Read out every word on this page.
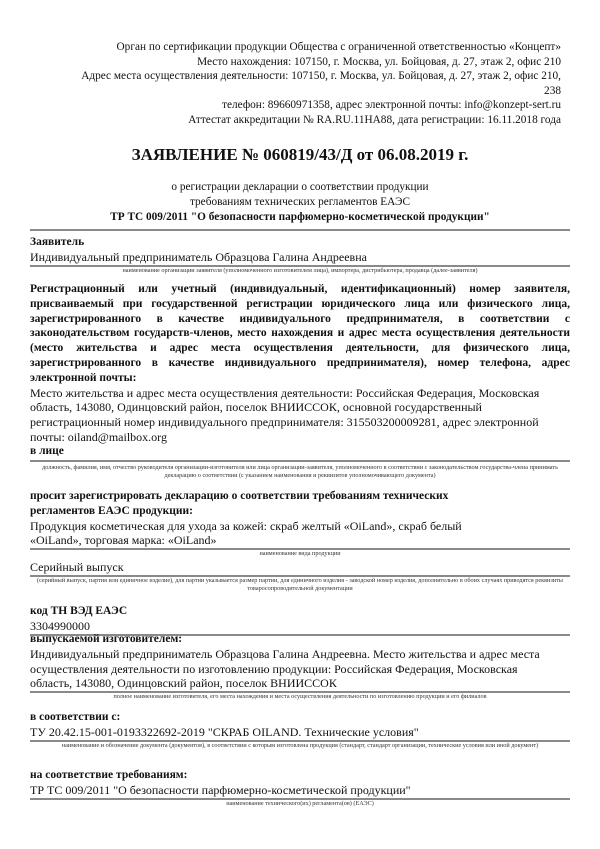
Орган по сертификации продукции Общества с ограниченной ответственностью «Концепт»
Место нахождения: 107150, г. Москва, ул. Бойцовая, д. 27, этаж 2, офис 210
Адрес места осуществления деятельности: 107150, г. Москва, ул. Бойцовая, д. 27, этаж 2, офис 210,
238
телефон: 89660971358, адрес электронной почты: info@konzept-sert.ru
Аттестат аккредитации № RA.RU.11HA88, дата регистрации: 16.11.2018 года
ЗАЯВЛЕНИЕ № 060819/43/Д от 06.08.2019 г.
о регистрации декларации о соответствии продукции
требованиям технических регламентов ЕАЭС
ТР ТС 009/2011 "О безопасности парфюмерно-косметической продукции"
Заявитель
Индивидуальный предприниматель Образцова Галина Андреевна
наименование организации заявителя (уполномоченного изготовителем лица), импортера, дистрибьютера, продавца (далее-заявителя)
Регистрационный или учетный (индивидуальный, идентификационный) номер заявителя, присваиваемый при государственной регистрации юридического лица или физического лица, зарегистрированного в качестве индивидуального предпринимателя, в соответствии с законодательством государств-членов, место нахождения и адрес места осуществления деятельности (место жительства и адрес места осуществления деятельности, для физического лица, зарегистрированного в качестве индивидуального предпринимателя), номер телефона, адрес электронной почты:
Место жительства и адрес места осуществления деятельности: Российская Федерация, Московская область, 143080, Одинцовский район, поселок ВНИИССОК, основной государственный регистрационный номер индивидуального предпринимателя: 315503200009281, адрес электронной почты: oiland@mailbox.org
в лице
должность, фамилия, имя, отчество руководителя организации-изготовителя или лица организации-заявителя, уполномоченного в соответствии с законодательством государства-члена принимать декларацию о соответствии (с указанием наименования и реквизитов уполномочивающего документа)
просит зарегистрировать декларацию о соответствии требованиям технических регламентов ЕАЭС продукции:
Продукция косметическая для ухода за кожей: скраб желтый «OiLand», скраб белый «OiLand», торговая марка: «OiLand»
наименование вида продукции
Серийный выпуск
(серийный выпуск, партия или единичное изделие), для партии указывается размер партии, для единичного изделия - заводской номер изделия, дополнительно в обоих случаях приводятся реквизиты товаросопроводительной документации
код ТН ВЭД ЕАЭС
3304990000
выпускаемой изготовителем:
Индивидуальный предприниматель Образцова Галина Андреевна. Место жительства и адрес места осуществления деятельности по изготовлению продукции: Российская Федерация, Московская область, 143080, Одинцовский район, поселок ВНИИССОК
полное наименование изготовителя, его места нахождения и места осуществления деятельности по изготовлению продукции и его филиалов
в соответствии с:
ТУ 20.42.15-001-0193322692-2019 "СКРАБ OILAND. Технические условия"
наименование и обозначение документа (документов), в соответствии с которым изготовлена продукция (стандарт, стандарт организации, технические условия или иной документ)
на соответствие требованиям:
ТР ТС 009/2011 "О безопасности парфюмерно-косметической продукции"
наименование технического(их) регламента(ов) (ЕАЭС)
